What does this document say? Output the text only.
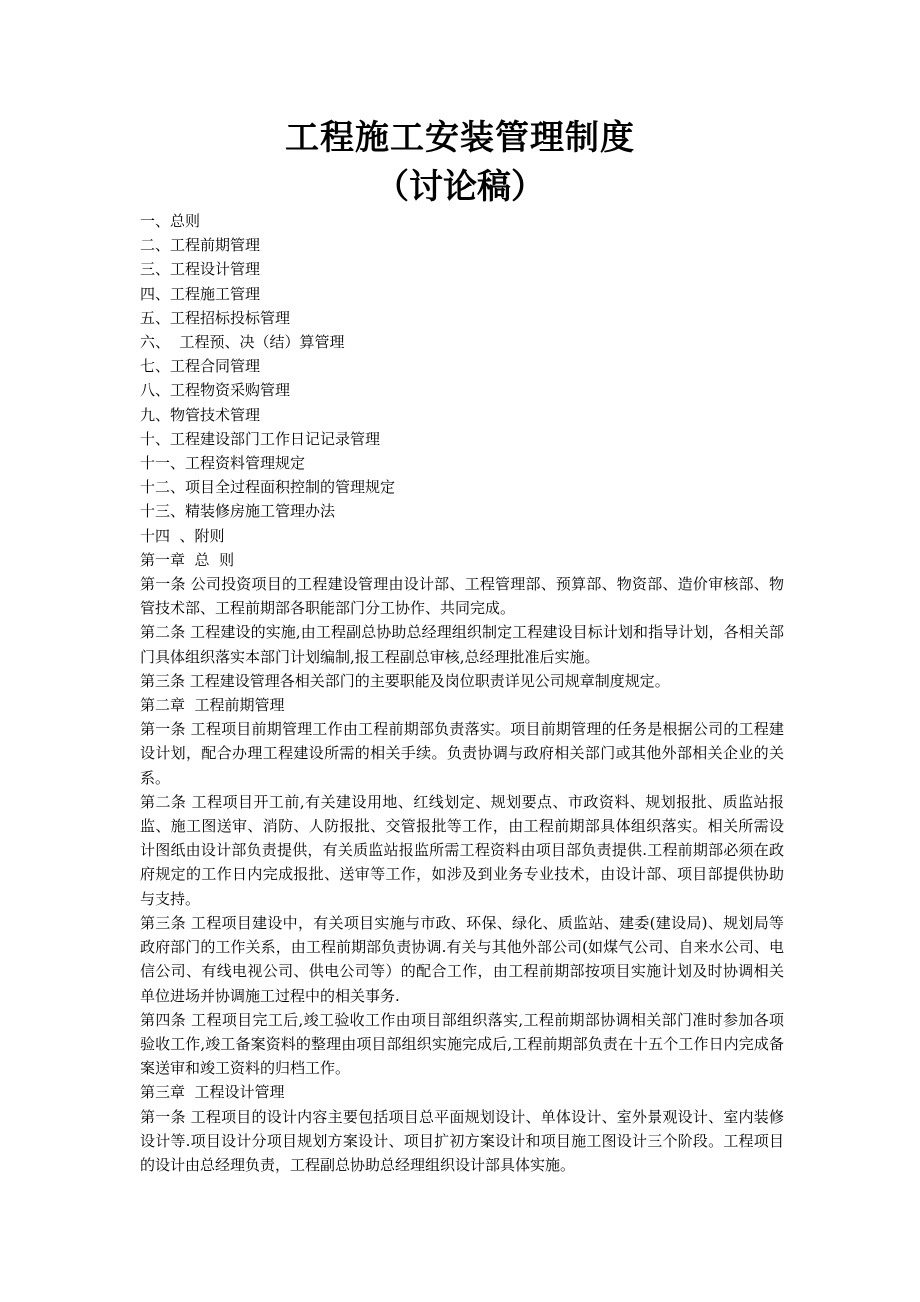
工程施工安装管理制度
（讨论稿）
一、总则
二、工程前期管理
三、工程设计管理
四、工程施工管理
五、工程招标投标管理
六、  工程预、决（结）算管理
七、工程合同管理
八、工程物资采购管理
九、物管技术管理
十、工程建设部门工作日记记录管理
十一、工程资料管理规定
十二、项目全过程面积控制的管理规定
十三、精装修房施工管理办法
十四  、附则
第一章  总  则
第一条 公司投资项目的工程建设管理由设计部、工程管理部、预算部、物资部、造价审核部、物管技术部、工程前期部各职能部门分工协作、共同完成。
第二条 工程建设的实施,由工程副总协助总经理组织制定工程建设目标计划和指导计划，各相关部门具体组织落实本部门计划编制,报工程副总审核,总经理批准后实施。
第三条 工程建设管理各相关部门的主要职能及岗位职责详见公司规章制度规定。
第二章  工程前期管理
第一条 工程项目前期管理工作由工程前期部负责落实。项目前期管理的任务是根据公司的工程建设计划，配合办理工程建设所需的相关手续。负责协调与政府相关部门或其他外部相关企业的关系。
第二条 工程项目开工前,有关建设用地、红线划定、规划要点、市政资料、规划报批、质监站报监、施工图送审、消防、人防报批、交管报批等工作，由工程前期部具体组织落实。相关所需设计图纸由设计部负责提供，有关质监站报监所需工程资料由项目部负责提供.工程前期部必须在政府规定的工作日内完成报批、送审等工作，如涉及到业务专业技术，由设计部、项目部提供协助与支持。
第三条 工程项目建设中，有关项目实施与市政、环保、绿化、质监站、建委(建设局)、规划局等政府部门的工作关系，由工程前期部负责协调.有关与其他外部公司(如煤气公司、自来水公司、电信公司、有线电视公司、供电公司等）的配合工作，由工程前期部按项目实施计划及时协调相关单位进场并协调施工过程中的相关事务.
第四条 工程项目完工后,竣工验收工作由项目部组织落实,工程前期部协调相关部门准时参加各项验收工作,竣工备案资料的整理由项目部组织实施完成后,工程前期部负责在十五个工作日内完成备案送审和竣工资料的归档工作。
第三章  工程设计管理
第一条 工程项目的设计内容主要包括项目总平面规划设计、单体设计、室外景观设计、室内装修设计等.项目设计分项目规划方案设计、项目扩初方案设计和项目施工图设计三个阶段。工程项目的设计由总经理负责，工程副总协助总经理组织设计部具体实施。
